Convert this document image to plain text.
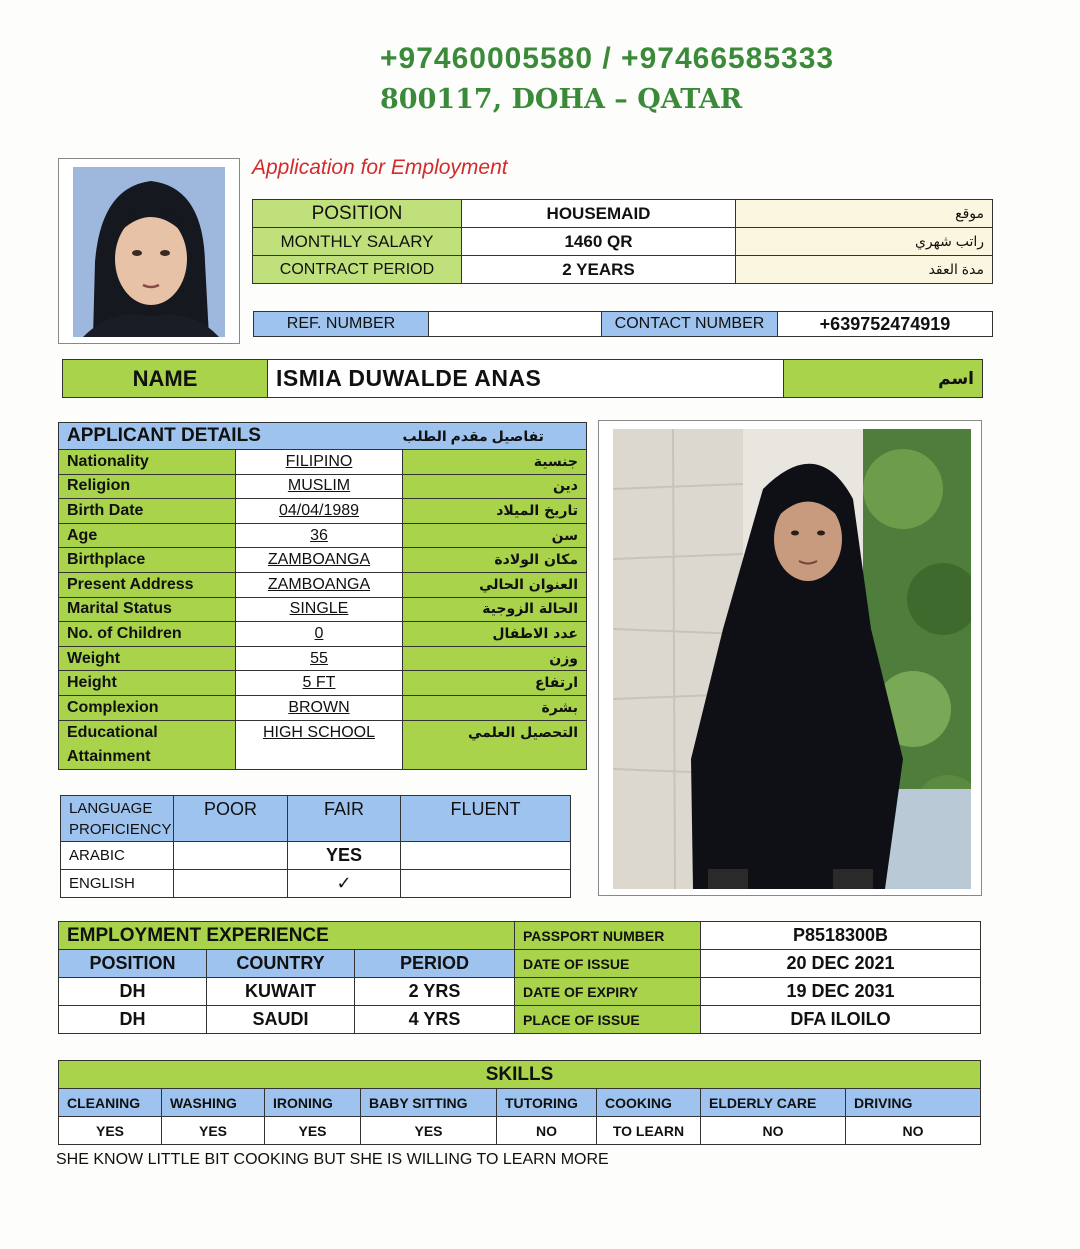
+97460005580 / +97466585333
800117, DOHA – QATAR
Application for Employment
POSITION	HOUSEMAID	موقع
MONTHLY SALARY	1460 QR	راتب شهري
CONTRACT PERIOD	2 YEARS	مدة العقد
REF. NUMBER		CONTACT NUMBER	+639752474919
NAME	ISMIA DUWALDE ANAS	اسم
APPLICANT DETAILS		تفاصيل مقدم الطلب
Nationality	FILIPINO	جنسية
Religion	MUSLIM	دين
Birth Date	04/04/1989	تاريخ الميلاد
Age	36	سن
Birthplace	ZAMBOANGA	مكان الولادة
Present Address	ZAMBOANGA	العنوان الحالي
Marital Status	SINGLE	الحالة الزوجية
No. of Children	0	عدد الاطفال
Weight	55	وزن
Height	5 FT	ارتفاع
Complexion	BROWN	بشرة
Educational	HIGH SCHOOL	التحصيل العلمي
Attainment		
LANGUAGE
PROFICIENCY	POOR	FAIR	FLUENT
ARABIC		YES	
ENGLISH		✓	
EMPLOYMENT EXPERIENCE		
POSITION	COUNTRY	PERIOD
DH	KUWAIT	2 YRS
DH	SAUDI	4 YRS
PASSPORT NUMBER	P8518300B
DATE OF ISSUE	20 DEC 2021
DATE OF EXPIRY	19 DEC 2031
PLACE OF ISSUE	DFA ILOILO
SKILLS							
CLEANING	WASHING	IRONING	BABY SITTING	TUTORING	COOKING	ELDERLY CARE	DRIVING
YES	YES	YES	YES	NO	TO LEARN	NO	NO
SHE KNOW LITTLE BIT COOKING BUT SHE IS WILLING TO LEARN MORE
